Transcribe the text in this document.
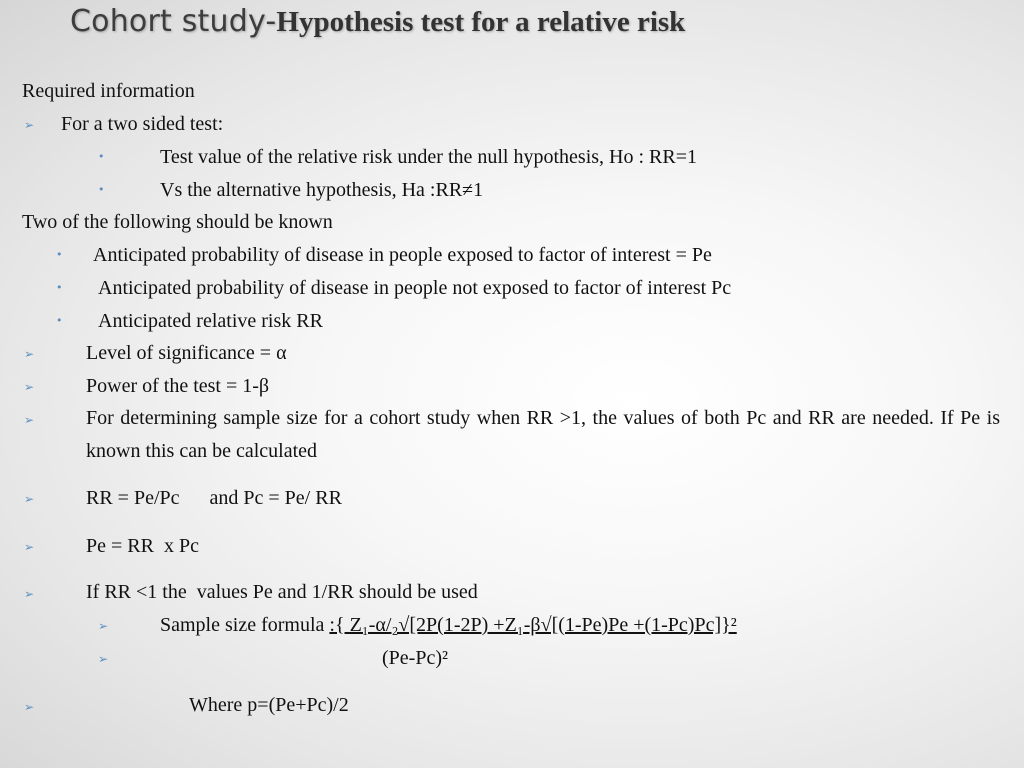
Cohort study-Hypothesis test for a relative risk
Required information
➢ For a two sided test:
•	Test value of the relative risk under the null hypothesis, Ho : RR=1
•	Vs the alternative hypothesis, Ha :RR≠1
Two of the following should be known
• Anticipated probability of disease in people exposed to factor of interest = Pe
• Anticipated probability of disease in people not exposed to factor of interest Pc
• Anticipated relative risk RR
➢	Level of significance = α
➢	Power of the test = 1-β
➢	For determining sample size for a cohort study when RR >1, the values of both Pc and RR are needed. If Pe is known this can be calculated
➢	RR = Pe/Pc      and Pc = Pe/ RR
➢	Pe = RR  x Pc
➢	If RR <1 the  values Pe and 1/RR should be used
➢	Sample size formula :{ Z₁-α/₂√[2P(1-2P) +Z₁-β√[(1-Pe)Pe +(1-Pc)Pc]}²
➢	(Pe-Pc)²
➢	Where p=(Pe+Pc)/2
